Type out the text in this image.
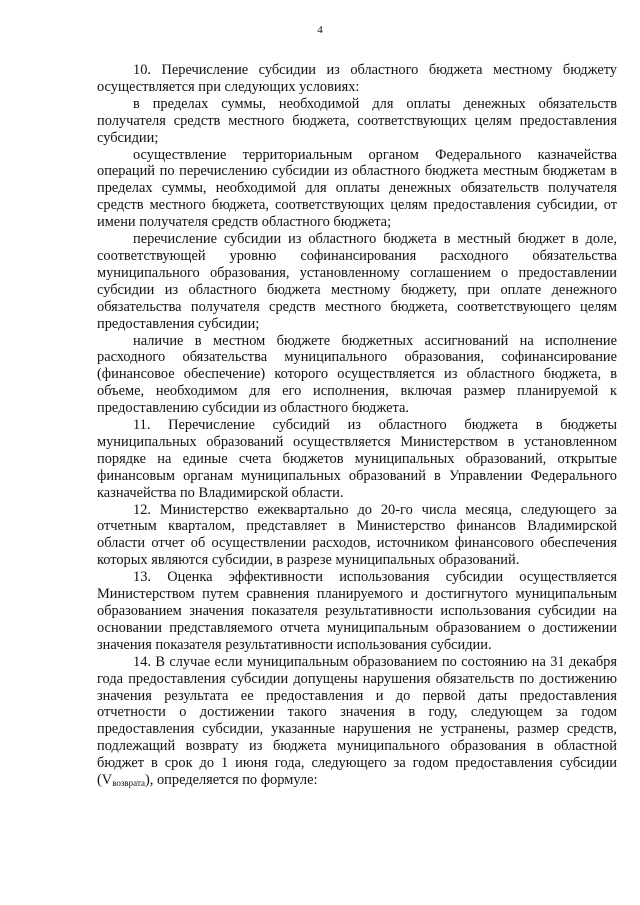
4

10. Перечисление субсидии из областного бюджета местному бюджету осуществляется при следующих условиях:

в пределах суммы, необходимой для оплаты денежных обязательств получателя средств местного бюджета, соответствующих целям предоставления субсидии;

осуществление территориальным органом Федерального казначейства операций по перечислению субсидии из областного бюджета местным бюджетам в пределах суммы, необходимой для оплаты денежных обязательств получателя средств местного бюджета, соответствующих целям предоставления субсидии, от имени получателя средств областного бюджета;

перечисление субсидии из областного бюджета в местный бюджет в доле, соответствующей уровню софинансирования расходного обязательства муниципального образования, установленному соглашением о предоставлении субсидии из областного бюджета местному бюджету, при оплате денежного обязательства получателя средств местного бюджета, соответствующего целям предоставления субсидии;

наличие в местном бюджете бюджетных ассигнований на исполнение расходного обязательства муниципального образования, софинансирование (финансовое обеспечение) которого осуществляется из областного бюджета, в объеме, необходимом для его исполнения, включая размер планируемой к предоставлению субсидии из областного бюджета.

11. Перечисление субсидий из областного бюджета в бюджеты муниципальных образований осуществляется Министерством в установленном порядке на единые счета бюджетов муниципальных образований, открытые финансовым органам муниципальных образований в Управлении Федерального казначейства по Владимирской области.

12. Министерство ежеквартально до 20-го числа месяца, следующего за отчетным кварталом, представляет в Министерство финансов Владимирской области отчет об осуществлении расходов, источником финансового обеспечения которых являются субсидии, в разрезе муниципальных образований.

13. Оценка эффективности использования субсидии осуществляется Министерством путем сравнения планируемого и достигнутого муниципальным образованием значения показателя результативности использования субсидии на основании представляемого отчета муниципальным образованием о достижении значения показателя результативности использования субсидии.

14. В случае если муниципальным образованием по состоянию на 31 декабря года предоставления субсидии допущены нарушения обязательств по достижению значения результата ее предоставления и до первой даты предоставления отчетности о достижении такого значения в году, следующем за годом предоставления субсидии, указанные нарушения не устранены, размер средств, подлежащий возврату из бюджета муниципального образования в областной бюджет в срок до 1 июня года, следующего за годом предоставления субсидии $(V_{возврата})$, определяется по формуле:
